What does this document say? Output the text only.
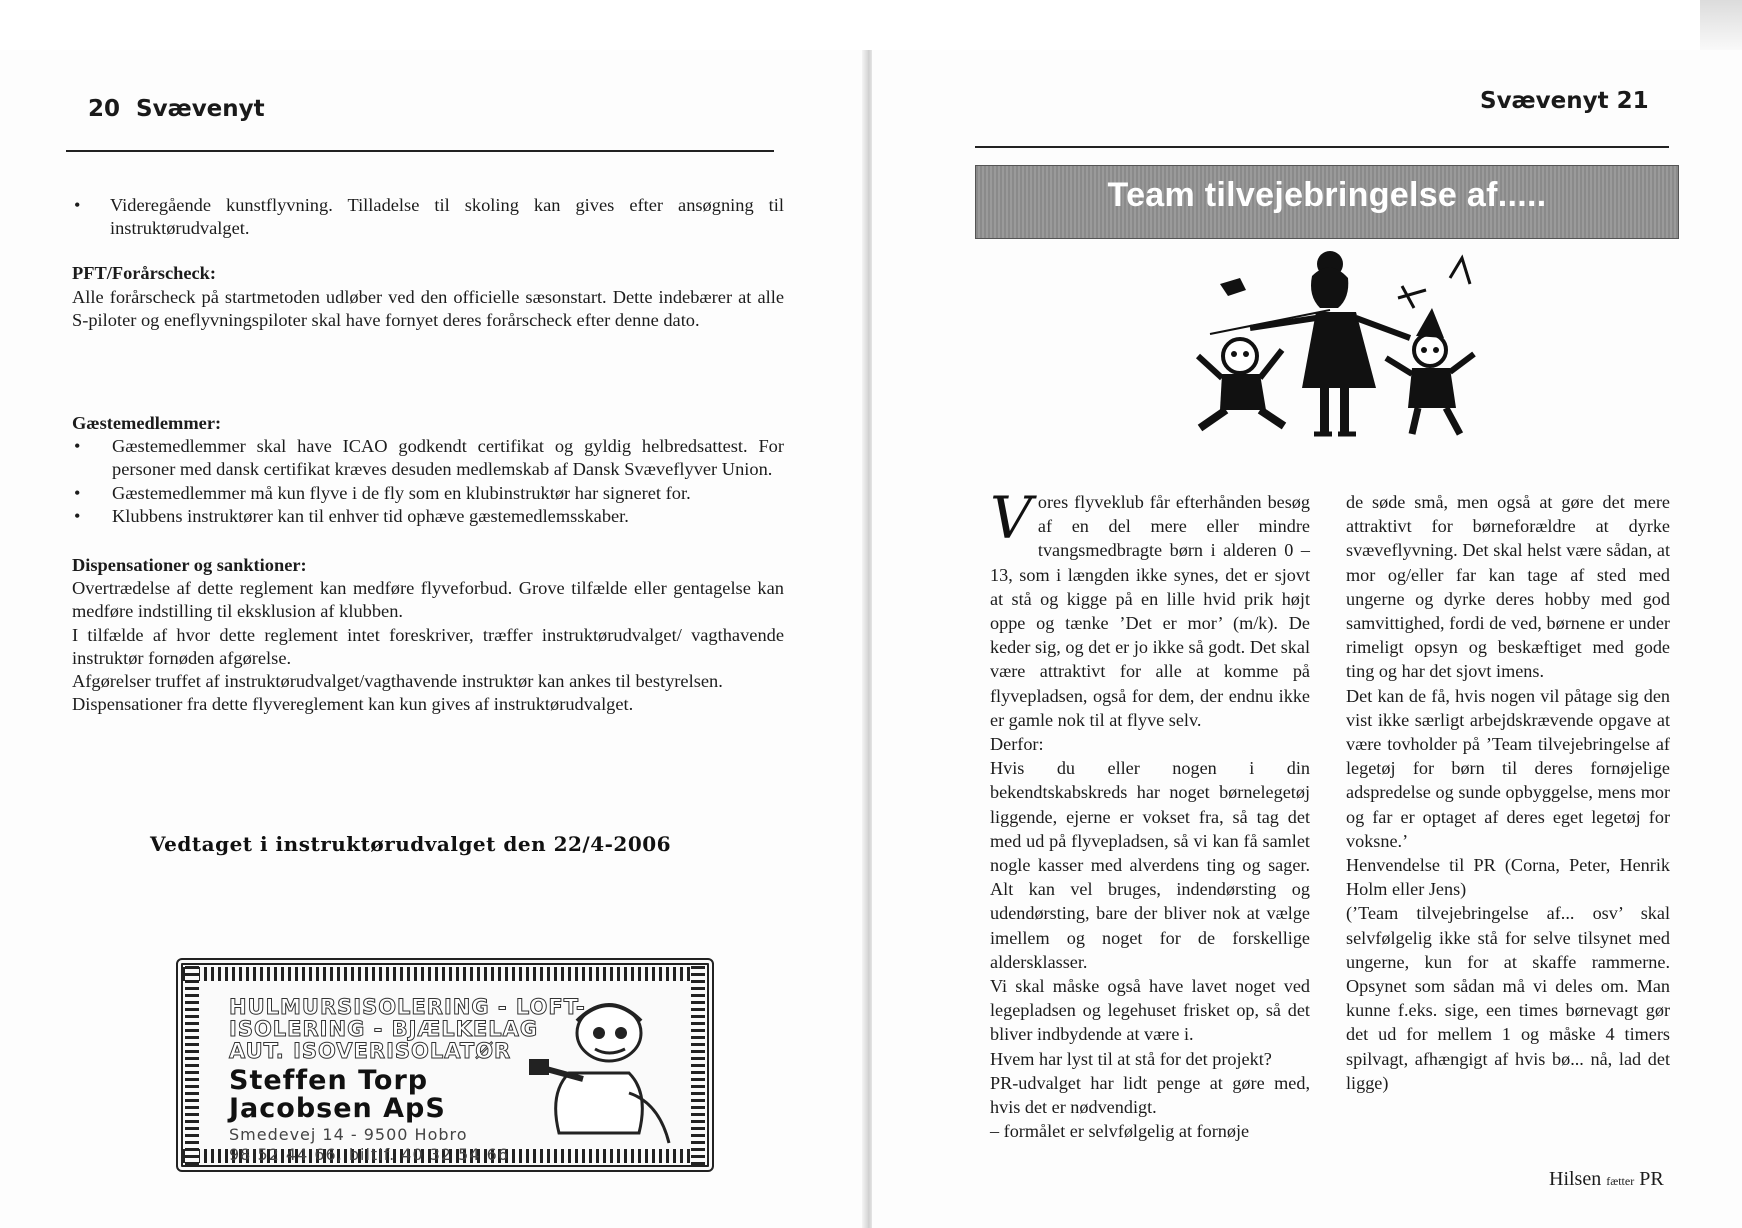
20 Svævenyt

• Videregående kunstflyvning. Tilladelse til skoling kan gives efter ansøgning til instruktørudvalget.

PFT/Forårscheck:

Alle forårscheck på startmetoden udløber ved den officielle sæsonstart. Dette indebærer at alle S-piloter og eneflyvningspiloter skal have fornyet deres forårscheck efter denne dato.

Gæstemedlemmer:

• Gæstemedlemmer skal have ICAO godkendt certifikat og gyldig helbredsattest. For personer med dansk certifikat kræves desuden medlemskab af Dansk Svæveflyver Union.

• Gæstemedlemmer må kun flyve i de fly som en klubinstruktør har signeret for.

• Klubbens instruktører kan til enhver tid ophæve gæstemedlemsskaber.

Dispensationer og sanktioner:

Overtrædelse af dette reglement kan medføre flyveforbud. Grove tilfælde eller gentagelse kan medføre indstilling til eksklusion af klubben.

I tilfælde af hvor dette reglement intet foreskriver, træffer instruktørudvalget/ vagthavende instruktør fornøden afgørelse.

Afgørelser truffet af instruktørudvalget/vagthavende instruktør kan ankes til bestyrelsen.

Dispensationer fra dette flyvereglement kan kun gives af instruktørudvalget.

Vedtaget i instruktørudvalget den 22/4-2006
HULMURSISOLERING - LOFT-
ISOLERING - BJÆLKELAG
AUT. ISOVERISOLATØR
Steffen Torp
Jacobsen ApS
Smedevej 14 - 9500 Hobro
98 52 44 66, biltlf. 40 32 54 66
Svævenyt 21
Team tilvejebringelse af.....

Vores flyveklub får efterhånden besøg af en del mere eller mindre tvangsmedbragte børn i alderen 0 – 13, som i længden ikke synes, det er sjovt at stå og kigge på en lille hvid prik højt oppe og tænke ’Det er mor’ (m/k). De keder sig, og det er jo ikke så godt. Det skal være attraktivt for alle at komme på flyvepladsen, også for dem, der endnu ikke er gamle nok til at flyve selv.

Derfor:

Hvis du eller nogen i din bekendtskabskreds har noget børnelegetøj liggende, ejerne er vokset fra, så tag det med ud på flyvepladsen, så vi kan få samlet nogle kasser med alverdens ting og sager. Alt kan vel bruges, indendørsting og udendørsting, bare der bliver nok at vælge imellem og noget for de forskellige aldersklasser.

Vi skal måske også have lavet noget ved legepladsen og legehuset frisket op, så det bliver indbydende at være i.

Hvem har lyst til at stå for det projekt?

PR-udvalget har lidt penge at gøre med, hvis det er nødvendigt.

– formålet er selvfølgelig at fornøje

de søde små, men også at gøre det mere attraktivt for børneforældre at dyrke svæveflyvning. Det skal helst være sådan, at mor og/eller far kan tage af sted med ungerne og dyrke deres hobby med god samvittighed, fordi de ved, børnene er under rimeligt opsyn og beskæftiget med gode ting og har det sjovt imens.

Det kan de få, hvis nogen vil påtage sig den vist ikke særligt arbejdskrævende opgave at være tovholder på ’Team tilvejebringelse af legetøj for børn til deres fornøjelige adspredelse og sunde opbyggelse, mens mor og far er optaget af deres eget legetøj for voksne.’

Henvendelse til PR (Corna, Peter, Henrik Holm eller Jens)

(’Team tilvejebringelse af... osv’ skal selvfølgelig ikke stå for selve tilsynet med ungerne, kun for at skaffe rammerne. Opsynet som sådan må vi deles om. Man kunne f.eks. sige, een times børnevagt gør det ud for mellem 1 og måske 4 timers spilvagt, afhængigt af hvis bø... nå, lad det ligge)

Hilsen fætter PR
